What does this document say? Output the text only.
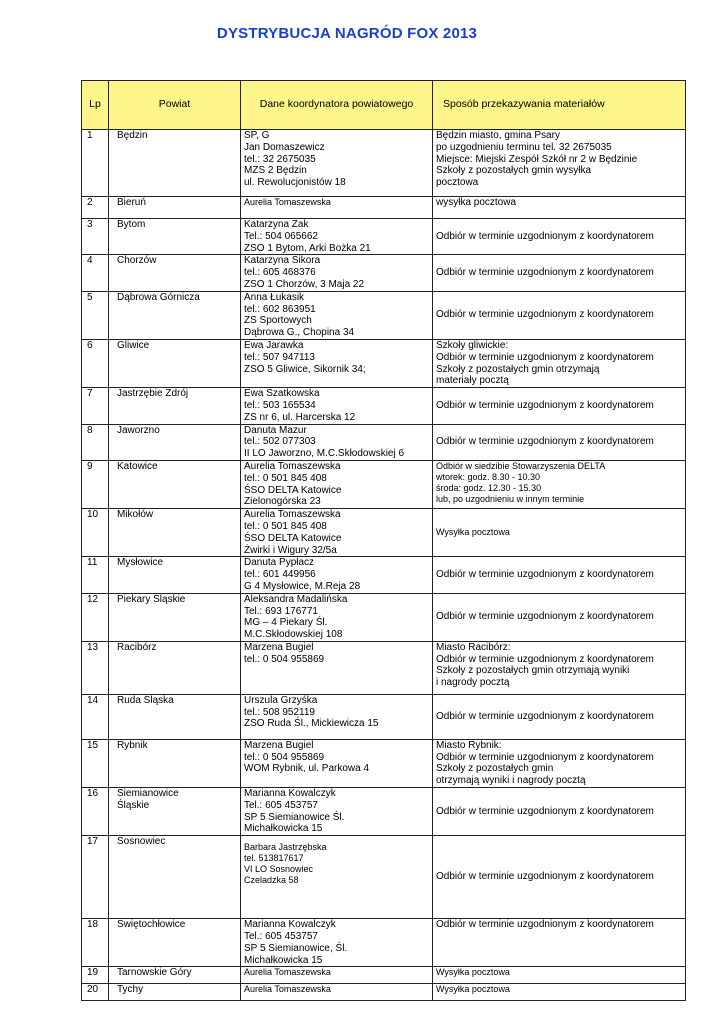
DYSTRYBUCJA NAGRÓD FOX 2013
Lp	Powiat	Dane koordynatora powiatowego	Sposób przekazywania materiałów
1	Będzin	SP, G
Jan Domaszewicz
tel.: 32 2675035
MZS 2 Będzin
ul. Rewolucjonistów 18	Będzin miasto, gmina Psary
po uzgodnieniu terminu tel. 32 2675035
Miejsce: Miejski Zespół Szkół nr 2 w Będzinie
Szkoły z pozostałych gmin wysyłka
pocztowa

2	Bieruń	Aurelia Tomaszewska	wysyłka pocztowa

3	Bytom	Katarzyna Żak
Tel.: 504 065662
ZSO 1 Bytom, Arki Bożka 21	Odbiór w terminie uzgodnionym z koordynatorem

4	Chorzów	Katarzyna Sikora
tel.: 605 468376
ZSO 1 Chorzów, 3 Maja 22	Odbiór w terminie uzgodnionym z koordynatorem

5	Dąbrowa Górnicza	Anna Łukasik
tel.: 602 863951
ZS Sportowych
Dąbrowa G., Chopina 34	Odbiór w terminie uzgodnionym z koordynatorem

6	Gliwice	Ewa Jarawka
tel.: 507 947113
ZSO 5 Gliwice, Sikornik 34;	Szkoły gliwickie:
Odbiór w terminie uzgodnionym z koordynatorem
Szkoły z pozostałych gmin otrzymają
materiały pocztą

7	Jastrzębie Zdrój	Ewa Szatkowska
tel.: 503 165534
ZS nr 6, ul. Harcerska 12	Odbiór w terminie uzgodnionym z koordynatorem

8	Jaworzno	Danuta Mazur
tel.: 502 077303
II LO Jaworzno, M.C.Skłodowskiej 6	Odbiór w terminie uzgodnionym z koordynatorem

9	Katowice	Aurelia Tomaszewska
tel.: 0 501 845 408
ŚSO DELTA Katowice
Zielonogórska 23	Odbiór w siedzibie Stowarzyszenia DELTA
wtorek: godz. 8.30 - 10.30
środa: godz. 12.30 - 15.30
lub, po uzgodnieniu w innym terminie

10	Mikołów	Aurelia Tomaszewska
tel.: 0 501 845 408
ŚSO DELTA Katowice
Żwirki i Wigury 32/5a	Wysyłka pocztowa

11	Mysłowice	Danuta Pypłacz
tel.: 601 449956
G 4 Mysłowice, M.Reja 28	Odbiór w terminie uzgodnionym z koordynatorem

12	Piekary Śląskie	Aleksandra Madalińska
Tel.: 693 176771
MG – 4 Piekary Śl.
M.C.Skłodowskiej 108	Odbiór w terminie uzgodnionym z koordynatorem

13	Racibórz	Marzena Bugiel
tel.: 0 504 955869	Miasto Racibórz:
Odbiór w terminie uzgodnionym z koordynatorem
Szkoły z pozostałych gmin otrzymają wyniki
i nagrody pocztą

14	Ruda Śląska	Urszula Grzyśka
tel.: 508 952119
ZSO Ruda Śl., Mickiewicza 15	Odbiór w terminie uzgodnionym z koordynatorem

15	Rybnik	Marzena Bugiel
tel.: 0 504 955869
WOM Rybnik, ul. Parkowa 4	Miasto Rybnik:
Odbiór w terminie uzgodnionym z koordynatorem
Szkoły z pozostałych gmin
otrzymają wyniki i nagrody pocztą

16	Siemianowice
Śląskie	Marianna Kowalczyk
Tel.: 605 453757
SP 5 Siemianowice Śl.
Michałkowicka 15	Odbiór w terminie uzgodnionym z koordynatorem

17	Sosnowiec	Barbara Jastrzębska
tel. 513817617
VI LO Sosnowiec
Czeladzka 58	Odbiór w terminie uzgodnionym z koordynatorem

18	Świętochłowice	Marianna Kowalczyk
Tel.: 605 453757
SP 5 Siemianowice, Śl.
Michałkowicka 15	Odbiór w terminie uzgodnionym z koordynatorem

19	Tarnowskie Góry	Aurelia Tomaszewska	Wysyłka pocztowa

20	Tychy	Aurelia Tomaszewska	Wysyłka pocztowa
